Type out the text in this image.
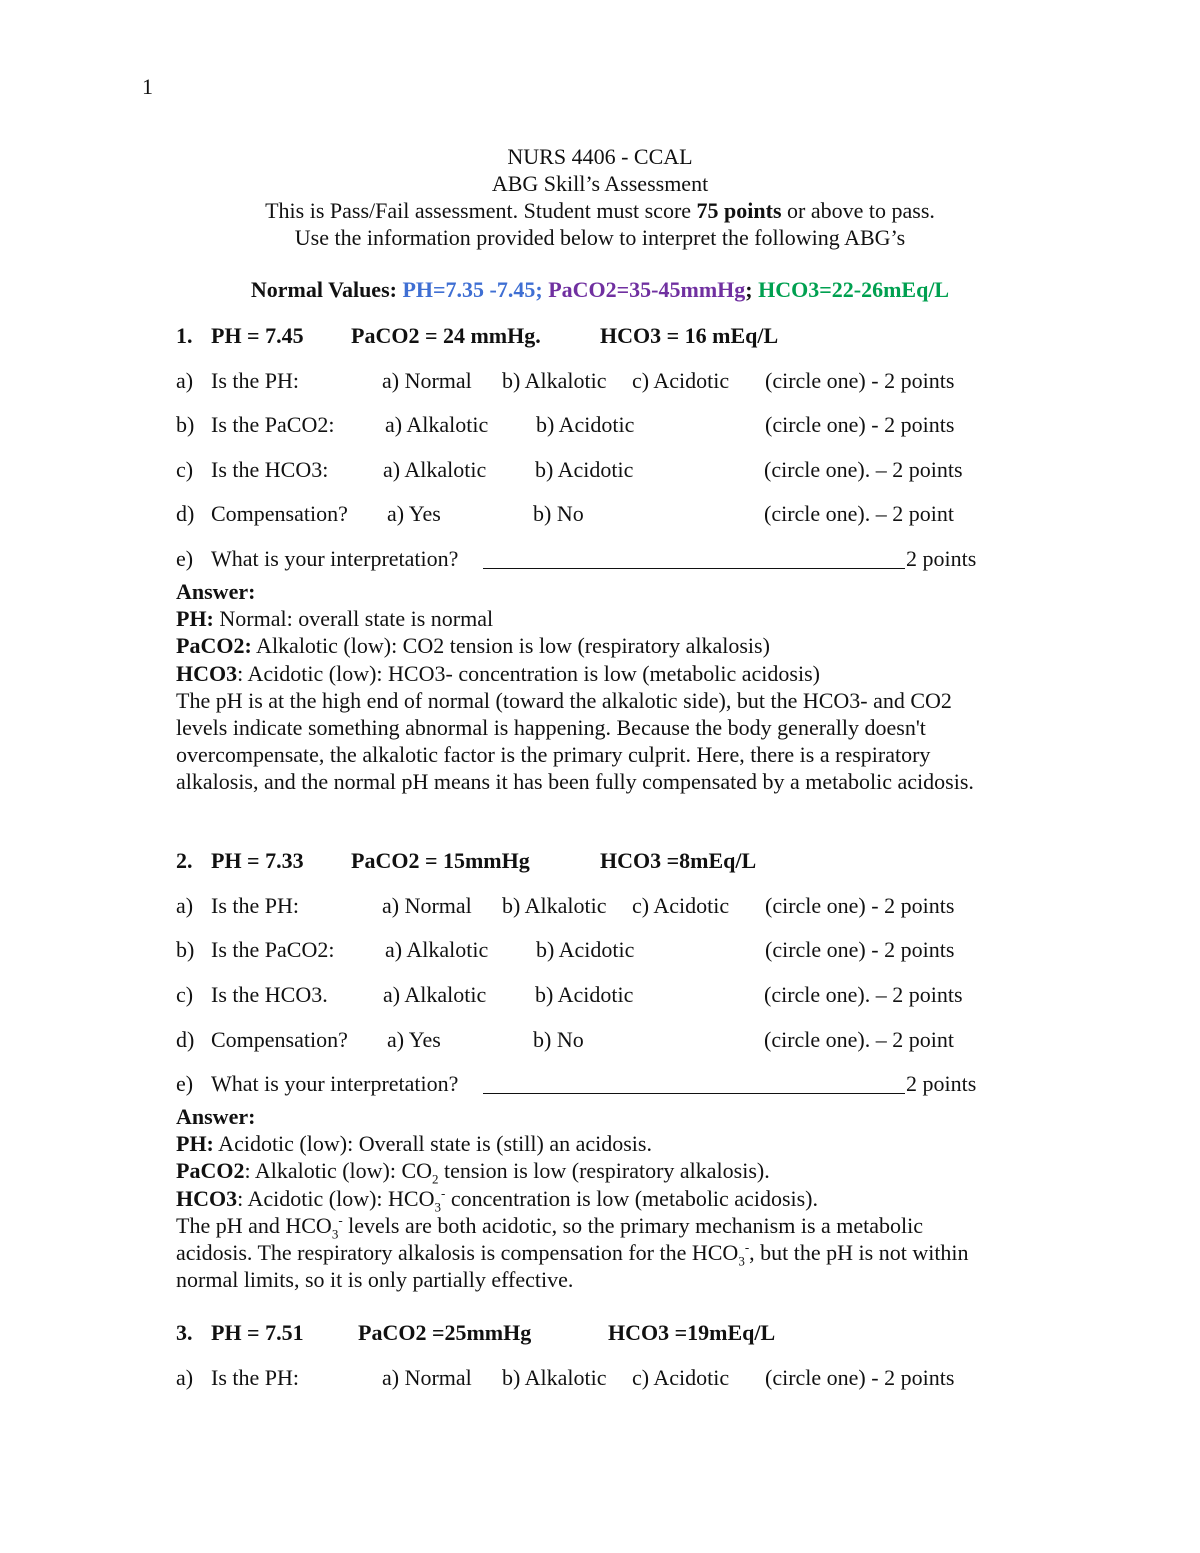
1
NURS 4406 - CCAL
ABG Skill’s Assessment
This is Pass/Fail assessment. Student must score 75 points or above to pass.
Use the information provided below to interpret the following ABG’s
Normal Values: PH=7.35 -7.45; PaCO2=35-45mmHg; HCO3=22-26mEq/L
1. PH = 7.45 PaCO2 = 24 mmHg.	HCO3 = 16 mEq/L
a) Is the PH:	a) Normal b) Alkalotic c) Acidotic (circle one) - 2 points
b) Is the PaCO2: a) Alkalotic b) Acidotic	(circle one) - 2 points
c) Is the HCO3: a) Alkalotic b) Acidotic	(circle one). – 2 points
d) Compensation? a) Yes	b) No	(circle one). – 2 point
e) What is your interpretation?	2 points
Answer:
PH: Normal: overall state is normal
PaCO2: Alkalotic (low): CO2 tension is low (respiratory alkalosis)
HCO3: Acidotic (low): HCO3- concentration is low (metabolic acidosis)
The pH is at the high end of normal (toward the alkalotic side), but the HCO3- and CO2
levels indicate something abnormal is happening. Because the body generally doesn't
overcompensate, the alkalotic factor is the primary culprit. Here, there is a respiratory
alkalosis, and the normal pH means it has been fully compensated by a metabolic acidosis.
2. PH = 7.33 PaCO2 = 15mmHg	HCO3 =8mEq/L
a) Is the PH:	a) Normal b) Alkalotic c) Acidotic (circle one) - 2 points
b) Is the PaCO2: a) Alkalotic b) Acidotic	(circle one) - 2 points
c) Is the HCO3.	a) Alkalotic b) Acidotic	(circle one). – 2 points
d) Compensation? a) Yes	b) No	(circle one). – 2 point
e) What is your interpretation?	2 points
Answer:
PH: Acidotic (low): Overall state is (still) an acidosis.
PaCO2: Alkalotic (low): $CO_2$ tension is low (respiratory alkalosis).
HCO3: Acidotic (low): $HCO_3^-$ concentration is low (metabolic acidosis).
The pH and $HCO_3^-$ levels are both acidotic, so the primary mechanism is a metabolic
acidosis. The respiratory alkalosis is compensation for the $HCO_3^-$, but the pH is not within
normal limits, so it is only partially effective.
3. PH = 7.51 PaCO2 =25mmHg	HCO3 =19mEq/L
a) Is the PH:	a) Normal b) Alkalotic c) Acidotic (circle one) - 2 points
